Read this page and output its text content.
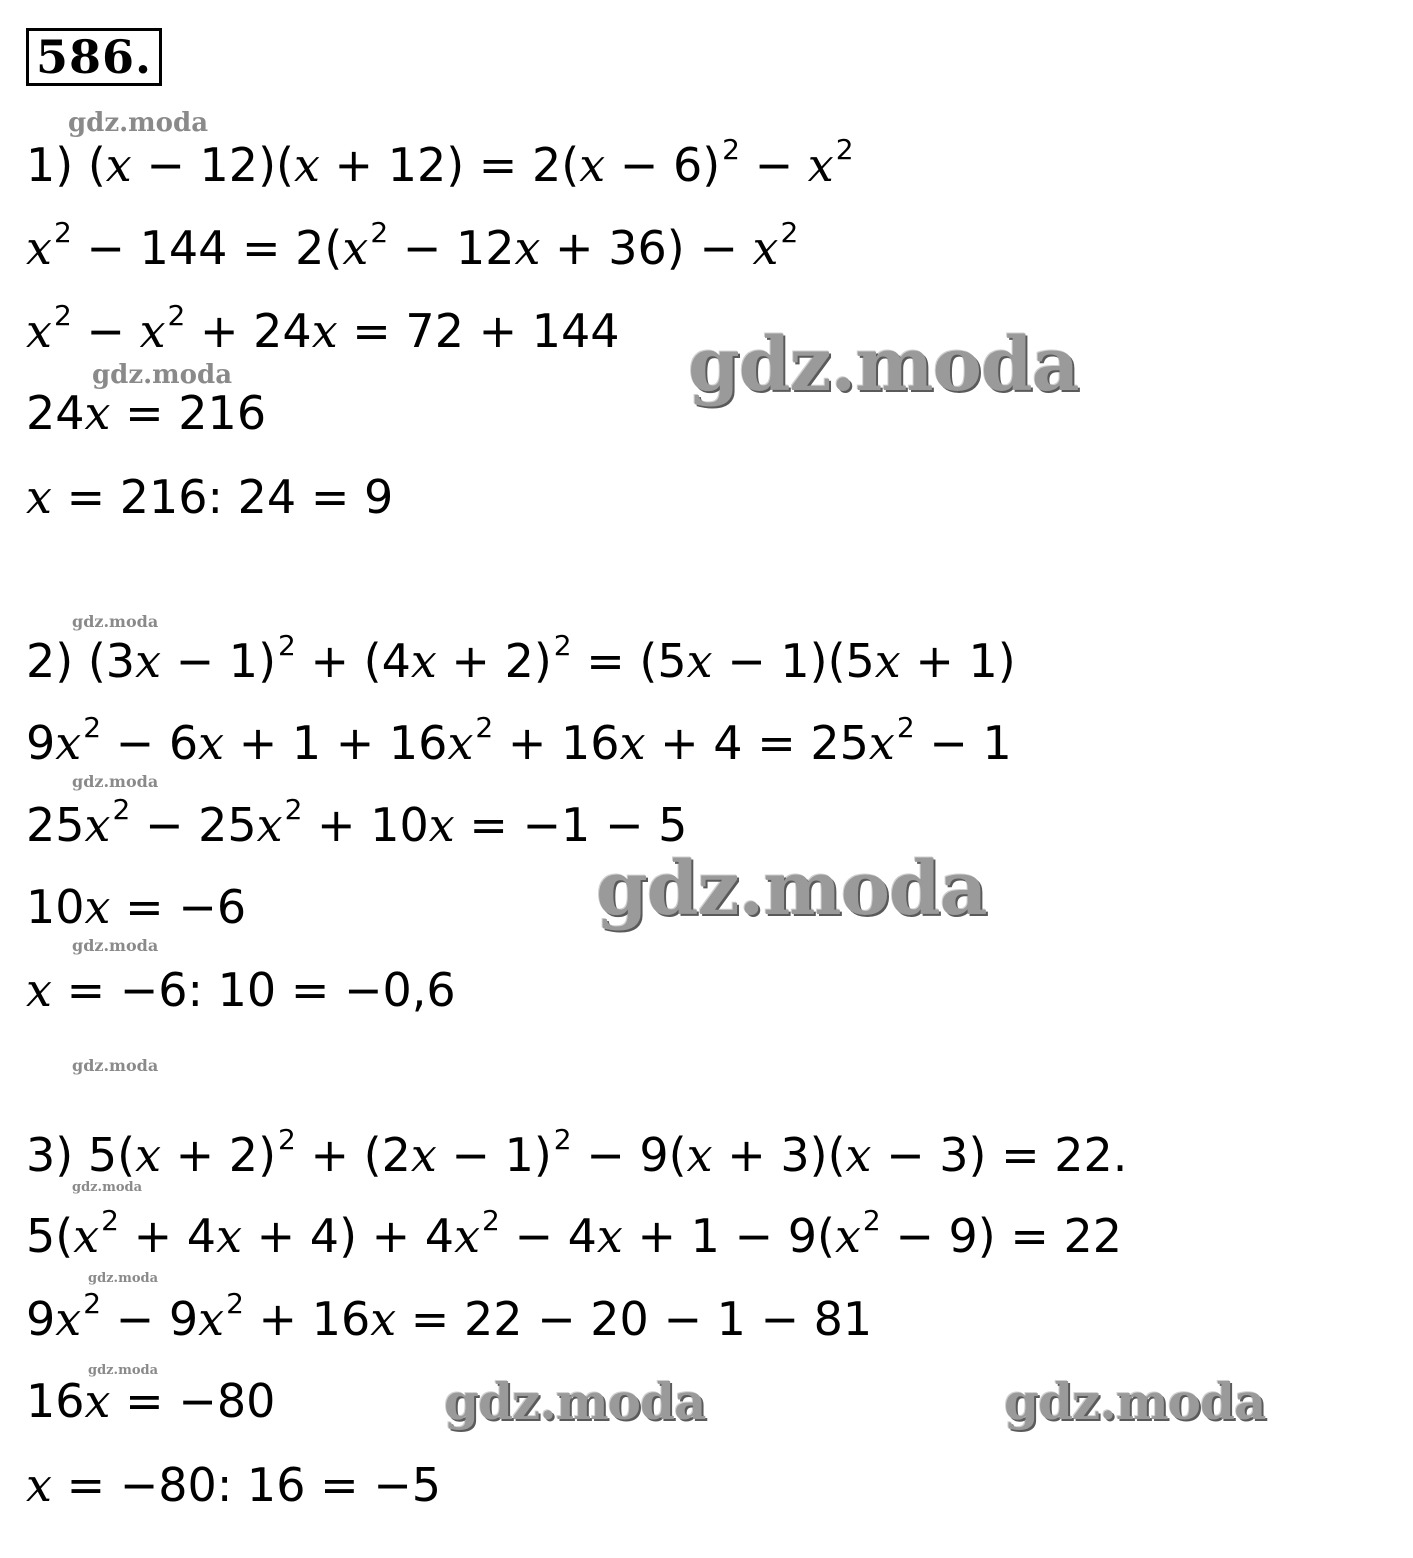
586.
1) $(x - 12)(x + 12) = 2(x - 6)^2 - x^2$
$x^2 - 144 = 2(x^2 - 12x + 36) - x^2$
$x^2 - x^2 + 24x = 72 + 144$
24x = 216
x = 216: 24 = 9
2) $(3x - 1)^2 + (4x + 2)^2 = (5x - 1)(5x + 1)$
$9x^2 - 6x + 1 + 16x^2 + 16x + 4 = 25x^2 - 1$
$25x^2 - 25x^2 + 10x = -1 - 5$
10x = −6
x = −6: 10 = −0,6
3) $5(x + 2)^2 + (2x - 1)^2 - 9(x + 3)(x - 3) = 22$.
$5(x^2 + 4x + 4) + 4x^2 - 4x + 1 - 9(x^2 - 9) = 22$
$9x^2 - 9x^2 + 16x = 22 - 20 - 1 - 81$
16x = −80
x = −80: 16 = −5
gdz.moda
gdz.moda
gdz.moda
gdz.moda
gdz.moda
gdz.moda
gdz.moda
gdz.moda
gdz.moda
gdz.moda
gdz.moda
gdz.moda	gdz.moda
